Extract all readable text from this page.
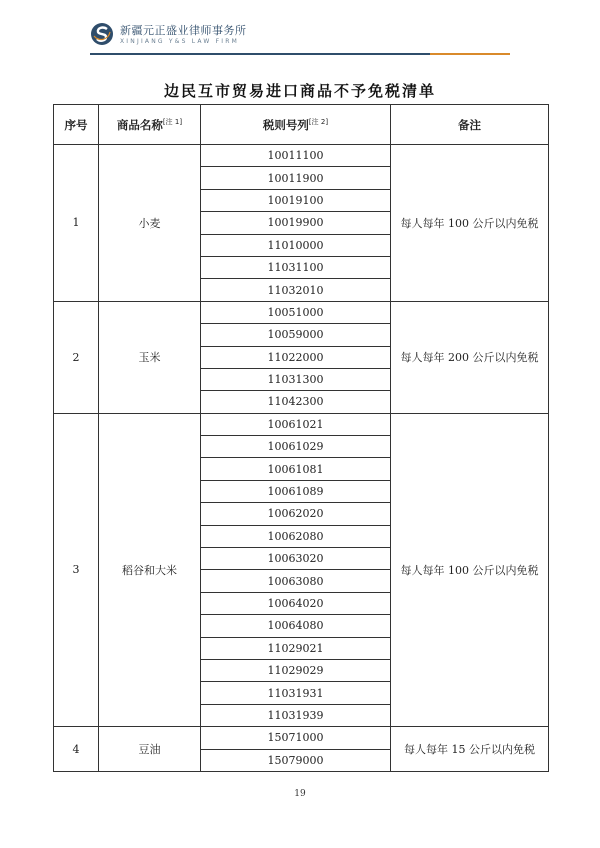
新疆元正盛业律师事务所
XINJIANG Y&S LAW FIRM
边民互市贸易进口商品不予免税清单
序号	商品名称[注 1]	税则号列[注 2]	备注
1	小麦	10011100	每人每年 100 公斤以内免税
		10011900	
		10019100	
		10019900	
		11010000	
		11031100	
		11032010	
2	玉米	10051000	每人每年 200 公斤以内免税
		10059000	
		11022000	
		11031300	
		11042300	
3	稻谷和大米	10061021	每人每年 100 公斤以内免税
		10061029	
		10061081	
		10061089	
		10062020	
		10062080	
		10063020	
		10063080	
		10064020	
		10064080	
		11029021	
		11029029	
		11031931	
		11031939	
4	豆油	15071000	每人每年 15 公斤以内免税
		15079000	
19
